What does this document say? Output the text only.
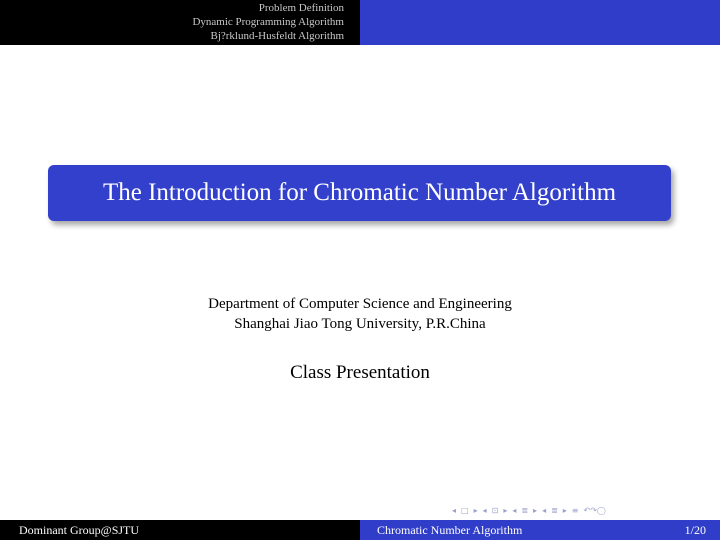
Problem Definition
Dynamic Programming Algorithm
Bj?rklund-Husfeldt Algorithm
The Introduction for Chromatic Number Algorithm
Department of Computer Science and Engineering
Shanghai Jiao Tong University, P.R.China
Class Presentation
◂ □ ▸ ◂ ⊡ ▸ ◂ ≣ ▸ ◂ ≣ ▸ ≡ ↶↷◯
Dominant Group@SJTU	Chromatic Number Algorithm	1/20
